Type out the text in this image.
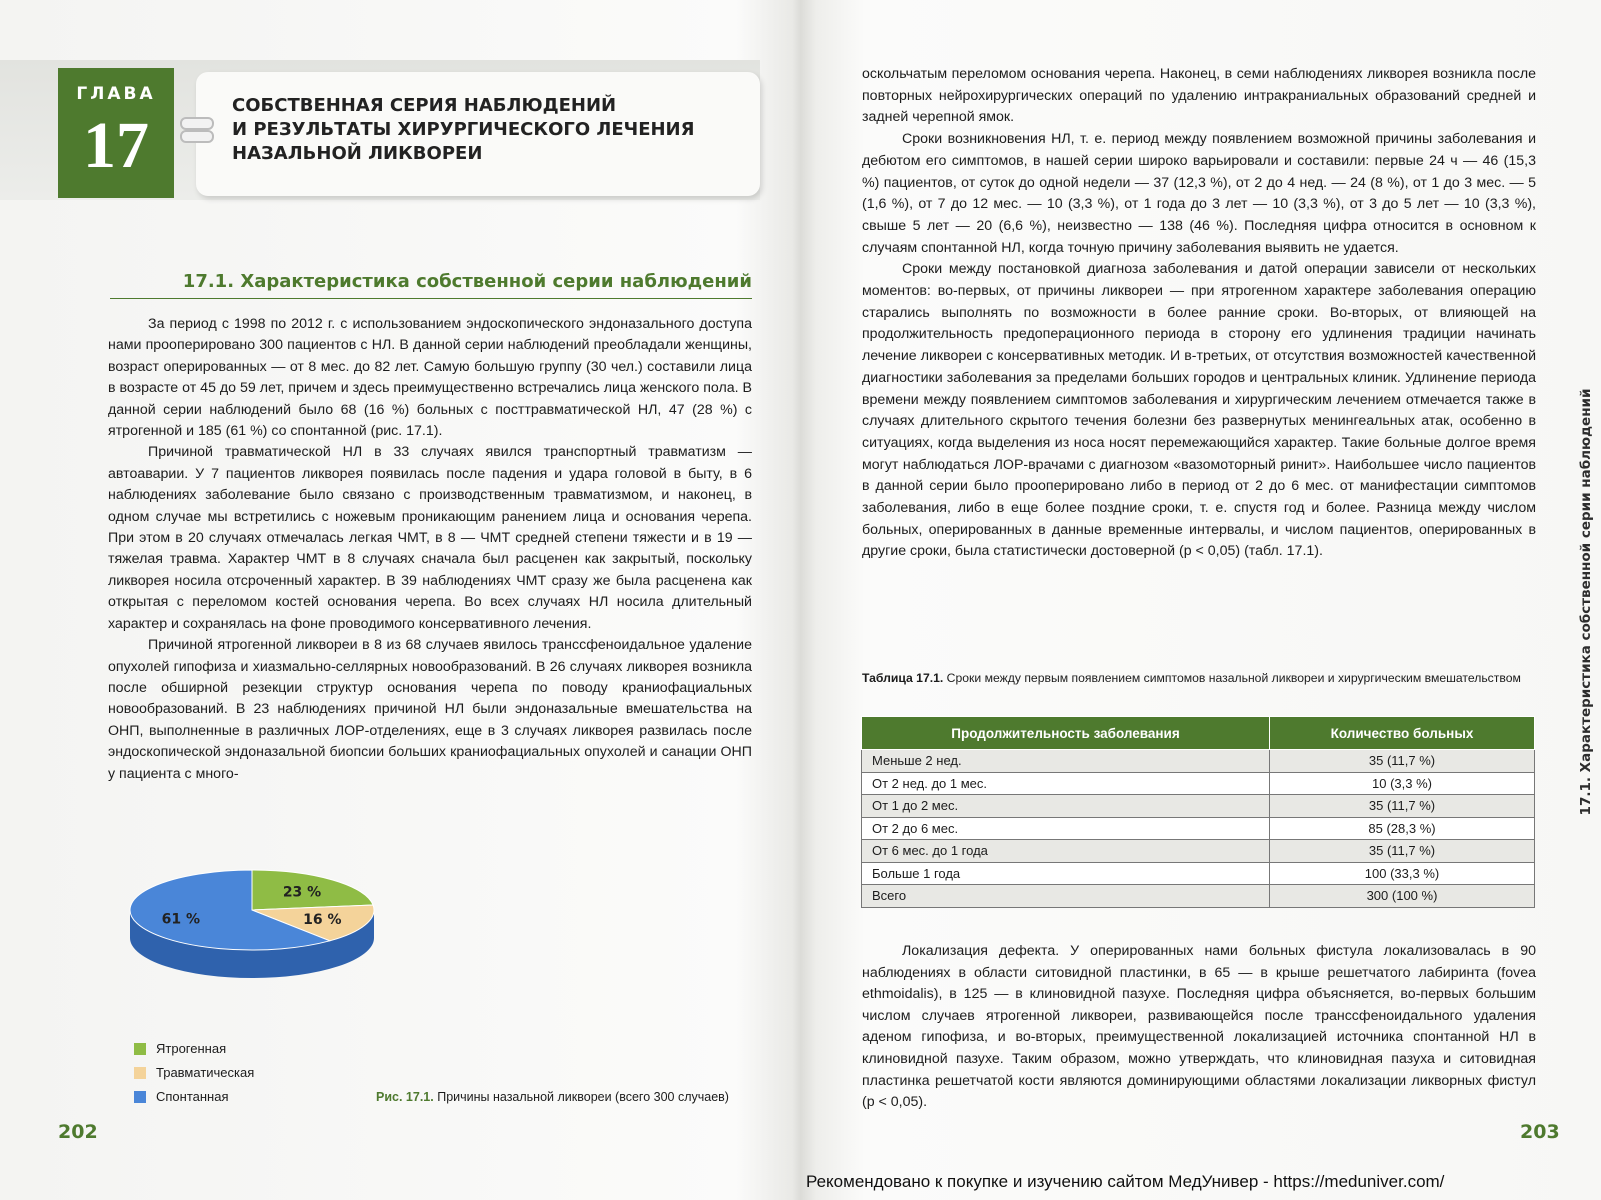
ГЛАВА
17
СОБСТВЕННАЯ СЕРИЯ НАБЛЮДЕНИЙ
И РЕЗУЛЬТАТЫ ХИРУРГИЧЕСКОГО ЛЕЧЕНИЯ
НАЗАЛЬНОЙ ЛИКВОРЕИ
17.1. Характеристика собственной серии наблюдений

За период с 1998 по 2012 г. с использованием эндоскопического эндоназального доступа нами прооперировано 300 пациентов с НЛ. В данной серии наблюдений преобладали женщины, возраст оперированных — от 8 мес. до 82 лет. Самую большую группу (30 чел.) составили лица в возрасте от 45 до 59 лет, причем и здесь преимущественно встречались лица женского пола. В данной серии наблюдений было 68 (16 %) больных с посттравматической НЛ, 47 (28 %) с ятрогенной и 185 (61 %) со спонтанной (рис. 17.1).

Причиной травматической НЛ в 33 случаях явился транспортный травматизм — автоаварии. У 7 пациентов ликворея появилась после падения и удара головой в быту, в 6 наблюдениях заболевание было связано с производственным травматизмом, и наконец, в одном случае мы встретились с ножевым проникающим ранением лица и основания черепа. При этом в 20 случаях отмечалась легкая ЧМТ, в 8 — ЧМТ средней степени тяжести и в 19 — тяжелая травма. Характер ЧМТ в 8 случаях сначала был расценен как закрытый, поскольку ликворея носила отсроченный характер. В 39 наблюдениях ЧМТ сразу же была расценена как открытая с переломом костей основания черепа. Во всех случаях НЛ носила длительный характер и сохранялась на фоне проводимого консервативного лечения.

Причиной ятрогенной ликвореи в 8 из 68 случаев явилось транссфеноидальное удаление опухолей гипофиза и хиазмально-селлярных новообразований. В 26 случаях ликворея возникла после обширной резекции структур основания черепа по поводу краниофациальных новообразований. В 23 наблюдениях причиной НЛ были эндоназальные вмешательства на ОНП, выполненные в различных ЛОР-отделениях, еще в 3 случаях ликворея развилась после эндоскопической эндоназальной биопсии больших краниофациальных опухолей и санации ОНП у пациента с много-

23 %
16 %
61 %
Ятрогенная
Травматическая
Спонтанная	Рис. 17.1. Причины назальной ликвореи (всего 300 случаев)
202

оскольчатым переломом основания черепа. Наконец, в семи наблюдениях ликворея возникла после повторных нейрохирургических операций по удалению интракраниальных образований средней и задней черепной ямок.

Сроки возникновения НЛ, т. е. период между появлением возможной причины заболевания и дебютом его симптомов, в нашей серии широко варьировали и составили: первые 24 ч — 46 (15,3 %) пациентов, от суток до одной недели — 37 (12,3 %), от 2 до 4 нед. — 24 (8 %), от 1 до 3 мес. — 5 (1,6 %), от 7 до 12 мес. — 10 (3,3 %), от 1 года до 3 лет — 10 (3,3 %), от 3 до 5 лет — 10 (3,3 %), свыше 5 лет — 20 (6,6 %), неизвестно — 138 (46 %). Последняя цифра относится в основном к случаям спонтанной НЛ, когда точную причину заболевания выявить не удается.

Сроки между постановкой диагноза заболевания и датой операции зависели от нескольких моментов: во-первых, от причины ликвореи — при ятрогенном характере заболевания операцию старались выполнять по возможности в более ранние сроки. Во-вторых, от влияющей на продолжительность предоперационного периода в сторону его удлинения традиции начинать лечение ликвореи с консервативных методик. И в-третьих, от отсутствия возможностей качественной диагностики заболевания за пределами больших городов и центральных клиник. Удлинение периода времени между появлением симптомов заболевания и хирургическим лечением отмечается также в случаях длительного скрытого течения болезни без развернутых менингеальных атак, особенно в ситуациях, когда выделения из носа носят перемежающийся характер. Такие больные долгое время могут наблюдаться ЛОР-врачами с диагнозом «вазомоторный ринит». Наибольшее число пациентов в данной серии было прооперировано либо в период от 2 до 6 мес. от манифестации симптомов заболевания, либо в еще более поздние сроки, т. е. спустя год и более. Разница между числом больных, оперированных в данные временные интервалы, и числом пациентов, оперированных в другие сроки, была статистически достоверной (p < 0,05) (табл. 17.1).

Таблица 17.1. Сроки между первым появлением симптомов назальной ликвореи и хирургическим вмешательством

Продолжительность заболевания	Количество больных
Меньше 2 нед.	35 (11,7 %)
От 2 нед. до 1 мес.	10 (3,3 %)
От 1 до 2 мес.	35 (11,7 %)
От 2 до 6 мес.	85 (28,3 %)
От 6 мес. до 1 года	35 (11,7 %)
Больше 1 года	100 (33,3 %)
Всего	300 (100 %)

Локализация дефекта. У оперированных нами больных фистула локализовалась в 90 наблюдениях в области ситовидной пластинки, в 65 — в крыше решетчатого лабиринта (fovea ethmoidalis), в 125 — в клиновидной пазухе. Последняя цифра объясняется, во-первых большим числом случаев ятрогенной ликвореи, развивающейся после транссфеноидального удаления аденом гипофиза, и во-вторых, преимущественной локализацией источника спонтанной НЛ в клиновидной пазухе. Таким образом, можно утверждать, что клиновидная пазуха и ситовидная пластинка решетчатой кости являются доминирующими областями локализации ликворных фистул (p < 0,05).

17.1. Характеристика собственной серии наблюдений
203
Рекомендовано к покупке и изучению сайтом МедУнивер - https://meduniver.com/
